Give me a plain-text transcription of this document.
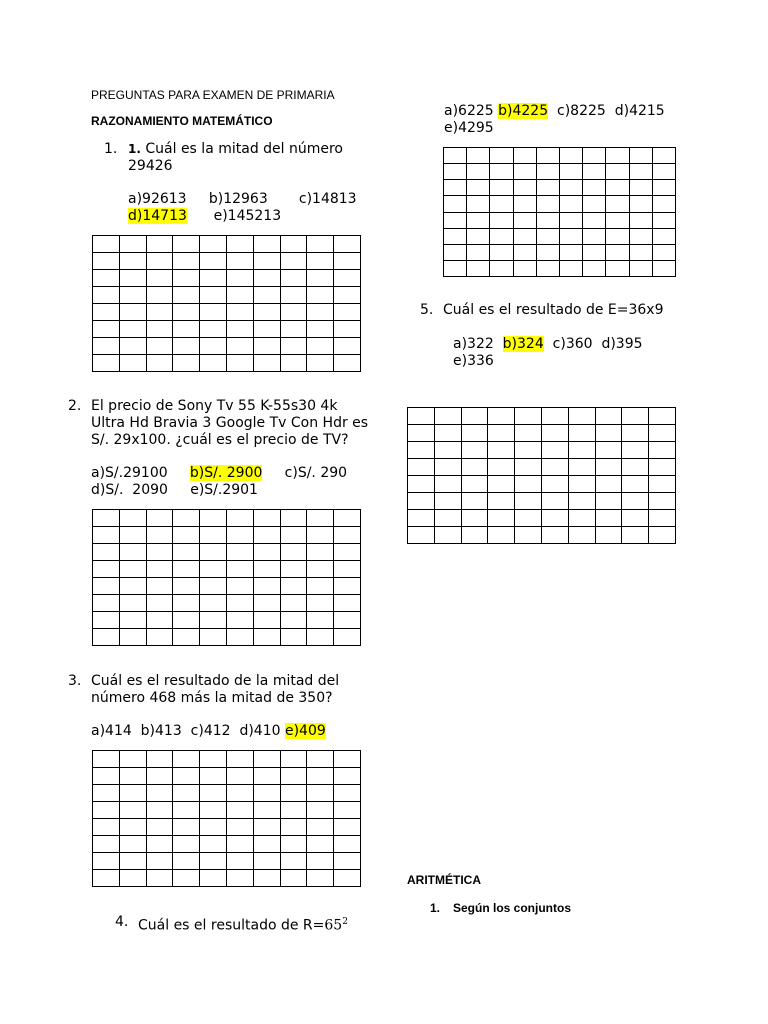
PREGUNTAS PARA EXAMEN DE PRIMARIA
RAZONAMIENTO MATEMÁTICO
1. 1. Cuál es la mitad del número
29426
a)92613 b)12963 c)14813
d)14713 e)145213
2. El precio de Sony Tv 55 K-55s30 4k
Ultra Hd Bravia 3 Google Tv Con Hdr es
S/. 29x100. ¿cuál es el precio de TV?
a)S/.29100 b)S/. 2900 c)S/. 290
d)S/.  2090 e)S/.2901
3. Cuál es el resultado de la mitad del
número 468 más la mitad de 350?
a)414 b)413 c)412 d)410 e)409
4. Cuál es el resultado de $R=65^2$
a)6225 b)4225 c)8225 d)4215
e)4295
5. Cuál es el resultado de E=36x9
a)322 b)324 c)360 d)395
e)336
ARITMÉTICA
1. Según los conjuntos
